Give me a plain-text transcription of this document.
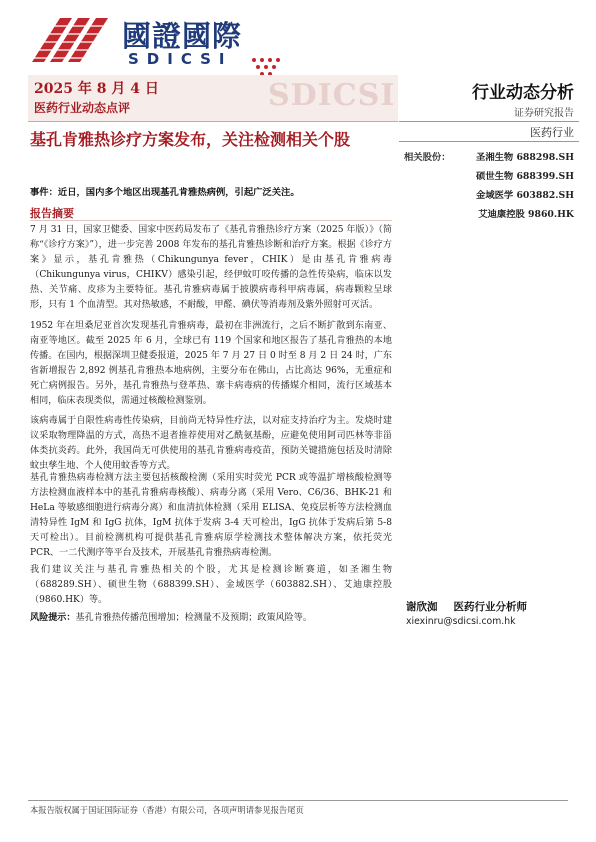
國證國際
SDICSI
SDICSI
2025 年 8 月 4 日
医药行业动态点评
行业动态分析
证券研究报告
医药行业
基孔肯雅热诊疗方案发布，关注检测相关个股
事件：近日，国内多个地区出现基孔肯雅热病例，引起广泛关注。
报告摘要
7 月 31 日，国家卫健委、国家中医药局发布了《基孔肯雅热诊疗方案（2025 年版）》（简称“《诊疗方案》”），进一步完善 2008 年发布的基孔肯雅热诊断和治疗方案。根据《诊疗方案》显示，基孔肯雅热（Chikungunya fever，CHIK）是由基孔肯雅病毒（Chikungunya virus，CHIKV）感染引起，经伊蚊叮咬传播的急性传染病，临床以发热、关节痛、皮疹为主要特征。基孔肯雅病毒属于披膜病毒科甲病毒属，病毒颗粒呈球形，只有 1 个血清型。其对热敏感，不耐酸，甲醛、碘伏等消毒剂及紫外照射可灭活。
1952 年在坦桑尼亚首次发现基孔肯雅病毒，最初在非洲流行，之后不断扩散到东南亚、南亚等地区。截至 2025 年 6 月，全球已有 119 个国家和地区报告了基孔肯雅热的本地传播。在国内，根据深圳卫健委报道，2025 年 7 月 27 日 0 时至 8 月 2 日 24 时，广东省新增报告 2,892 例基孔肯雅热本地病例，主要分布在佛山，占比高达 96%，无重症和死亡病例报告。另外，基孔肯雅热与登革热、寨卡病毒病的传播媒介相同，流行区域基本相同，临床表现类似，需通过核酸检测鉴别。
该病毒属于自限性病毒性传染病，目前尚无特异性疗法，以对症支持治疗为主。发烧时建议采取物理降温的方式，高热不退者推荐使用对乙酰氨基酚，应避免使用阿司匹林等非甾体类抗炎药。此外，我国尚无可供使用的基孔肯雅病毒疫苗，预防关键措施包括及时清除蚊虫孳生地、个人使用蚊香等方式。
基孔肯雅热病毒检测方法主要包括核酸检测（采用实时荧光 PCR 或等温扩增核酸检测等方法检测血液样本中的基孔肯雅病毒核酸）、病毒分离（采用 Vero、C6/36、BHK-21 和 HeLa 等敏感细胞进行病毒分离）和血清抗体检测（采用 ELISA、免疫层析等方法检测血清特异性 IgM 和 IgG 抗体，IgM 抗体于发病 3-4 天可检出，IgG 抗体于发病后第 5-8 天可检出）。目前检测机构可提供基孔肯雅病原学检测技术整体解决方案，依托荧光 PCR、一二代测序等平台及技术，开展基孔肯雅热病毒检测。
我们建议关注与基孔肯雅热相关的个股，尤其是检测诊断赛道，如圣湘生物（688289.SH）、硕世生物（688399.SH）、金域医学（603882.SH）、艾迪康控股（9860.HK）等。
风险提示：基孔肯雅热传播范围增加；检测量不及预期；政策风险等。
相关股份：	圣湘生物 688298.SH
硕世生物 688399.SH
金域医学 603882.SH
艾迪康控股 9860.HK
谢欣洳 医药行业分析师
xiexinru@sdicsi.com.hk
本报告版权属于国证国际证券（香港）有限公司，各项声明请参见报告尾页
